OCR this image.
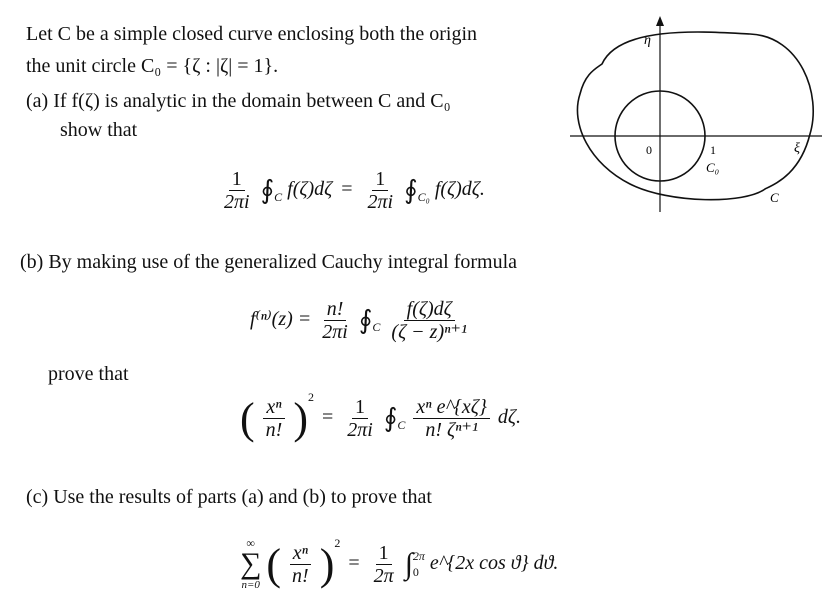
Let C be a simple closed curve enclosing both the origin
the unit circle C₀ = {ζ : |ζ| = 1}.
(a) If f(ζ) is analytic in the domain between C and C₀
show that
$\frac{1}{2\pi i}$ $∮_C$ $f(\zeta)d\zeta = \frac{1}{2\pi i}$ $∮_{C_0}$ f(ζ)dζ.
(b) By making use of the generalized Cauchy integral formula
$f^{(n)}(z) = \frac{n!}{2\pi i}$ $∮_C \frac{f(\zeta)d\zeta}{\text{(ζ − z)ⁿ⁺¹}}$
prove that
( $\frac{\text{xⁿ}}{n!} )^2 = \frac{1}{2\pi i}$ $∮_C \frac{\text{xⁿ e\textasciicircum{}\{xζ\}}}{\text{n! ζⁿ⁺¹}} d\zeta$.
(c) Use the results of parts (a) and (b) to prove that
∞
∑
n=0 ( $\frac{\text{xⁿ}}{n!} )^2 = \frac{1}{2\pi}$ ∫ 2π
0 e^{2x cos ϑ} dϑ.
η
ξ
0	1
C₀
C
